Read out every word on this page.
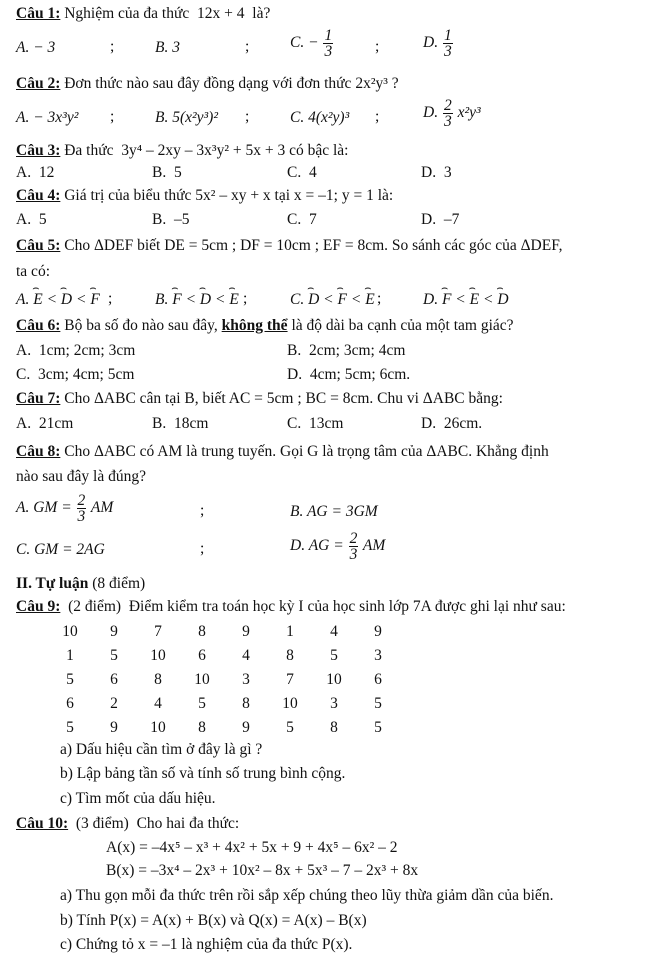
Câu 1: Nghiệm của đa thức 12x + 4 là?
A. − 3	;	B. 3	;	C. − $\frac{1}{3}$	;	D. $\frac{1}{3}$
Câu 2: Đơn thức nào sau đây đồng dạng với đơn thức 2x²y³ ?
A. − 3x³y² ;	B. 5(x²y³)² ;	C. 4(x²y)³ ;	D. $\frac{2}{3} x^2y^3$
Câu 3: Đa thức 3y⁴ – 2xy – 3x³y² + 5x + 3 có bậc là:
A. 12	B. 5	C. 4	D. 3
Câu 4: Giá trị của biểu thức 5x² – xy + x tại x = –1; y = 1 là:
A. 5	B. –5	C. 7	D. –7
Câu 5: Cho ΔDEF biết DE = 5cm ; DF = 10cm ; EF = 8cm. So sánh các góc của ΔDEF,
ta có:
A. ⌢ E < ⌢ D < ⌢ F ;	B. ⌢ F < ⌢ D < ⌢ E ;	C. ⌢ D < ⌢ F < ⌢ E ;	D. ⌢ F < ⌢ E < ⌢ D
Câu 6: Bộ ba số đo nào sau đây, không thể là độ dài ba cạnh của một tam giác?
A. 1cm; 2cm; 3cm	B. 2cm; 3cm; 4cm
C. 3cm; 4cm; 5cm	D. 4cm; 5cm; 6cm.
Câu 7: Cho ΔABC cân tại B, biết AC = 5cm ; BC = 8cm. Chu vi ΔABC bằng:
A. 21cm	B. 18cm	C. 13cm	D. 26cm.
Câu 8: Cho ΔABC có AM là trung tuyến. Gọi G là trọng tâm của ΔABC. Khẳng định
nào sau đây là đúng?
A. GM = $\frac{2}{3}$ AM	;	B. AG = 3GM
C. GM = 2AG	;	D. AG = $\frac{2}{3}$ AM
II. Tự luận (8 điểm)
Câu 9: (2 điểm) Điểm kiểm tra toán học kỳ I của học sinh lớp 7A được ghi lại như sau:
10	9	7	8	9	1	4	9
1	5	10	6	4	8	5	3
5	6	8	10	3	7	10	6
6	2	4	5	8	10	3	5
5	9	10	8	9	5	8	5
a) Dấu hiệu cần tìm ở đây là gì ?
b) Lập bảng tần số và tính số trung bình cộng.
c) Tìm mốt của dấu hiệu.
Câu 10: (3 điểm) Cho hai đa thức:
A(x) = –4x⁵ – x³ + 4x² + 5x + 9 + 4x⁵ – 6x² – 2
B(x) = –3x⁴ – 2x³ + 10x² – 8x + 5x³ – 7 – 2x³ + 8x
a) Thu gọn mỗi đa thức trên rồi sắp xếp chúng theo lũy thừa giảm dần của biến.
b) Tính P(x) = A(x) + B(x) và Q(x) = A(x) – B(x)
c) Chứng tỏ x = –1 là nghiệm của đa thức P(x).
